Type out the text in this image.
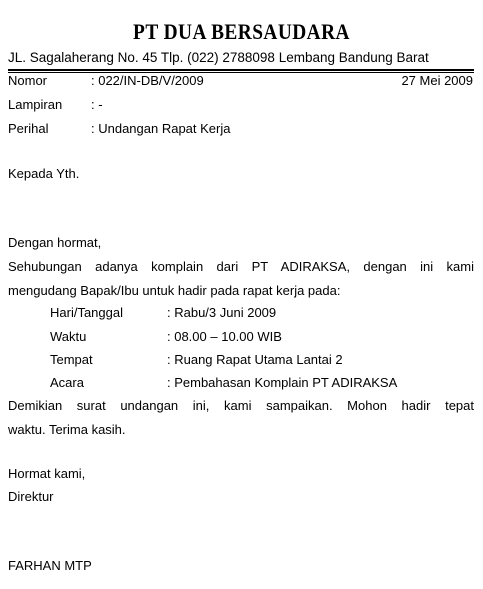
PT DUA BERSAUDARA
JL. Sagalaherang No. 45 Tlp. (022) 2788098 Lembang Bandung Barat
Nomor	: 022/IN-DB/V/2009	27 Mei 2009
Lampiran : -
Perihal	: Undangan Rapat Kerja
Kepada Yth.
Dengan hormat,
Sehubungan adanya komplain dari PT ADIRAKSA, dengan ini kami
mengudang Bapak/Ibu untuk hadir pada rapat kerja pada:
Hari/Tanggal	: Rabu/3 Juni 2009
Waktu	: 08.00 – 10.00 WIB
Tempat	: Ruang Rapat Utama Lantai 2
Acara	: Pembahasan Komplain PT ADIRAKSA
Demikian surat undangan ini, kami sampaikan. Mohon hadir tepat
waktu. Terima kasih.
Hormat kami,
Direktur
FARHAN MTP
